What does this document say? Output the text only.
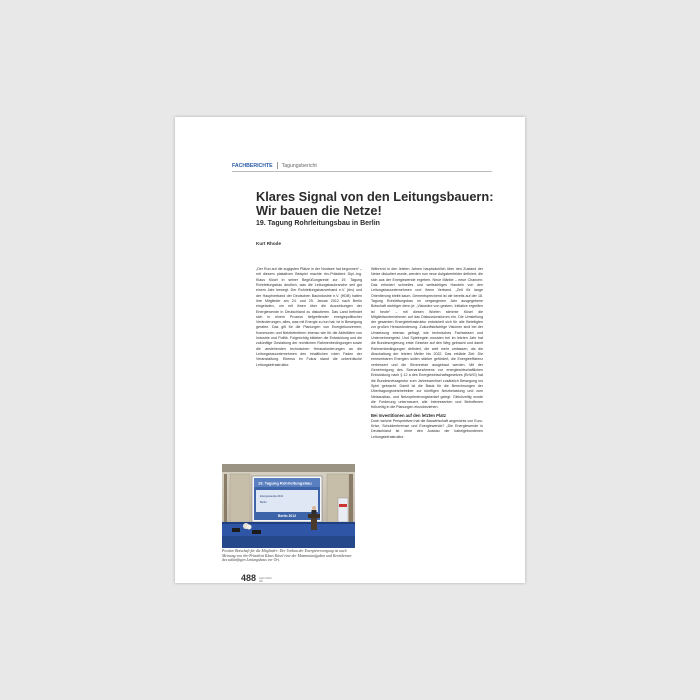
FACHBERICHTE Tagungsbericht
Klares Signal von den Leitungsbauern: Wir bauen die Netze!
19. Tagung Rohrleitungsbau in Berlin
Kurt Rhode

„Der Run auf die zugigsten Plätze in der Nordsee hat begonnen“ – mit diesem plakativen Beispiel machte rbv-Präsident Dipl.-Ing. Klaus Küsel in seiner Begrüßungsrede zur 19. Tagung Rohrleitungsbau deutlich, was die Leitungsbaubranche seit gut einem Jahr bewegt. Der Rohrleitungsbauverband e.V. (rbv) und der Hauptverband der Deutschen Bauindustrie e.V. (HDB) hatten ihre Mitglieder am 24. und 25. Januar 2012 nach Berlin eingeladen, um mit ihnen über die Auswirkungen der Energiewende in Deutschland zu diskutieren. Das Land befindet sich in einem Prozess tiefgreifender energiepolitischer Veränderungen, alles, was mit Energie zu tun hat, ist in Bewegung geraten. Das gilt für die Planungen von Energiekonzernen, Kommunen und Netzbetreibern ebenso wie für die Aktivitäten von Industrie und Politik. Folgerichtig bildeten die Entwicklung und die zukünftige Gestaltung der rechtlichen Rahmenbedingungen sowie die anstehenden technischen Herausforderungen an die Leitungsbauunternehmen den inhaltlichen roten Faden der Veranstaltung. Ebenso im Fokus stand die unterirdische Leitungsinfrastruktur.

Während in den letzten Jahren hauptsächlich über den Zustand der Netze diskutiert wurde, werden nun neue Aufgabenfelder definiert, die sich aus der Energiewende ergeben. Neue Märkte – neue Chancen: Das erfordert schnelles und weitsichtiges Handeln von den Leitungsbauunternehmen und ihrem Verband. „Zeit für lange Orientierung bleibt kaum. Dementsprechend ist die bereits auf der 18. Tagung Rohrleitungsbau im vergangenen Jahr ausgegebene Botschaft wichtiger denn je: „Visionäre von gestern, Initiative ergreifen ist heute“ – mit diesen Worten stimmte Küsel die Mitgliedsunternehmen auf das Diskussionsforum ein. Die Umstellung der gesamten Energieinfrastruktur entwickelt sich für alle Beteiligten zur großen Herausforderung. Zukunftsträchtige Visionen sind bei der Umsetzung ebenso gefragt, wie technisches Fachwissen und Unternehmergeist. Und Spielregeln mussten bei im letzten Jahr hat die Bundesregierung erste Gesetze auf den Weg gebracht und damit Rahmenbedingungen definiert, die weit mehr umfassen, als die Abschaltung der letzten Meiler bis 2022. Das erklärte Ziel: Die erneuerbaren Energien sollen stärker gefördert, die Energieeffizienz verbessert und die Stromnetze ausgebaut werden. Mit der Genehmigung des Szenariorahmens zur energiewirtschaftlichen Entwicklung nach § 12 a des Energiewirtschaftsgesetzes (EnWG) hat die Bundesnetzagentur zum Jahreswechsel zusätzlich Bewegung ins Spiel gebracht. Damit ist die Basis für die Berechnungen der Übertragungsnetzbetreiber zur künftigen Netzbelastung und zum Netzausbau- und Netzoptimierungsbedarf gelegt. Gleichzeitig wurde die Forderung untermauert, alle Interessenten und Betroffenen frühzeitig in die Planungen einzubeziehen.

Bei Investitionen auf den letzten Platz

Doch welche Perspektiven hat die Bauwirtschaft angesichts von Euro-Krise, Schuldenbremse und Energiewende? „Die Energiewende in Deutschland ist ohne den Ausbau der kabelgebundenen Leitungsinfrastruktur

19. Tagung Rohrleitungsbau
Energiewende 2012
Berlin
Berlin 2012
Positive Botschaft für die Mitglieder: Der Umbau der Energieversorgung ist nach Meinung von rbv-Präsident Klaus Küsel eine der Mammutaufgaben und Kernthemen des zukünftigen Leitungsbaus vor Ort.
488 April 2012
3R
